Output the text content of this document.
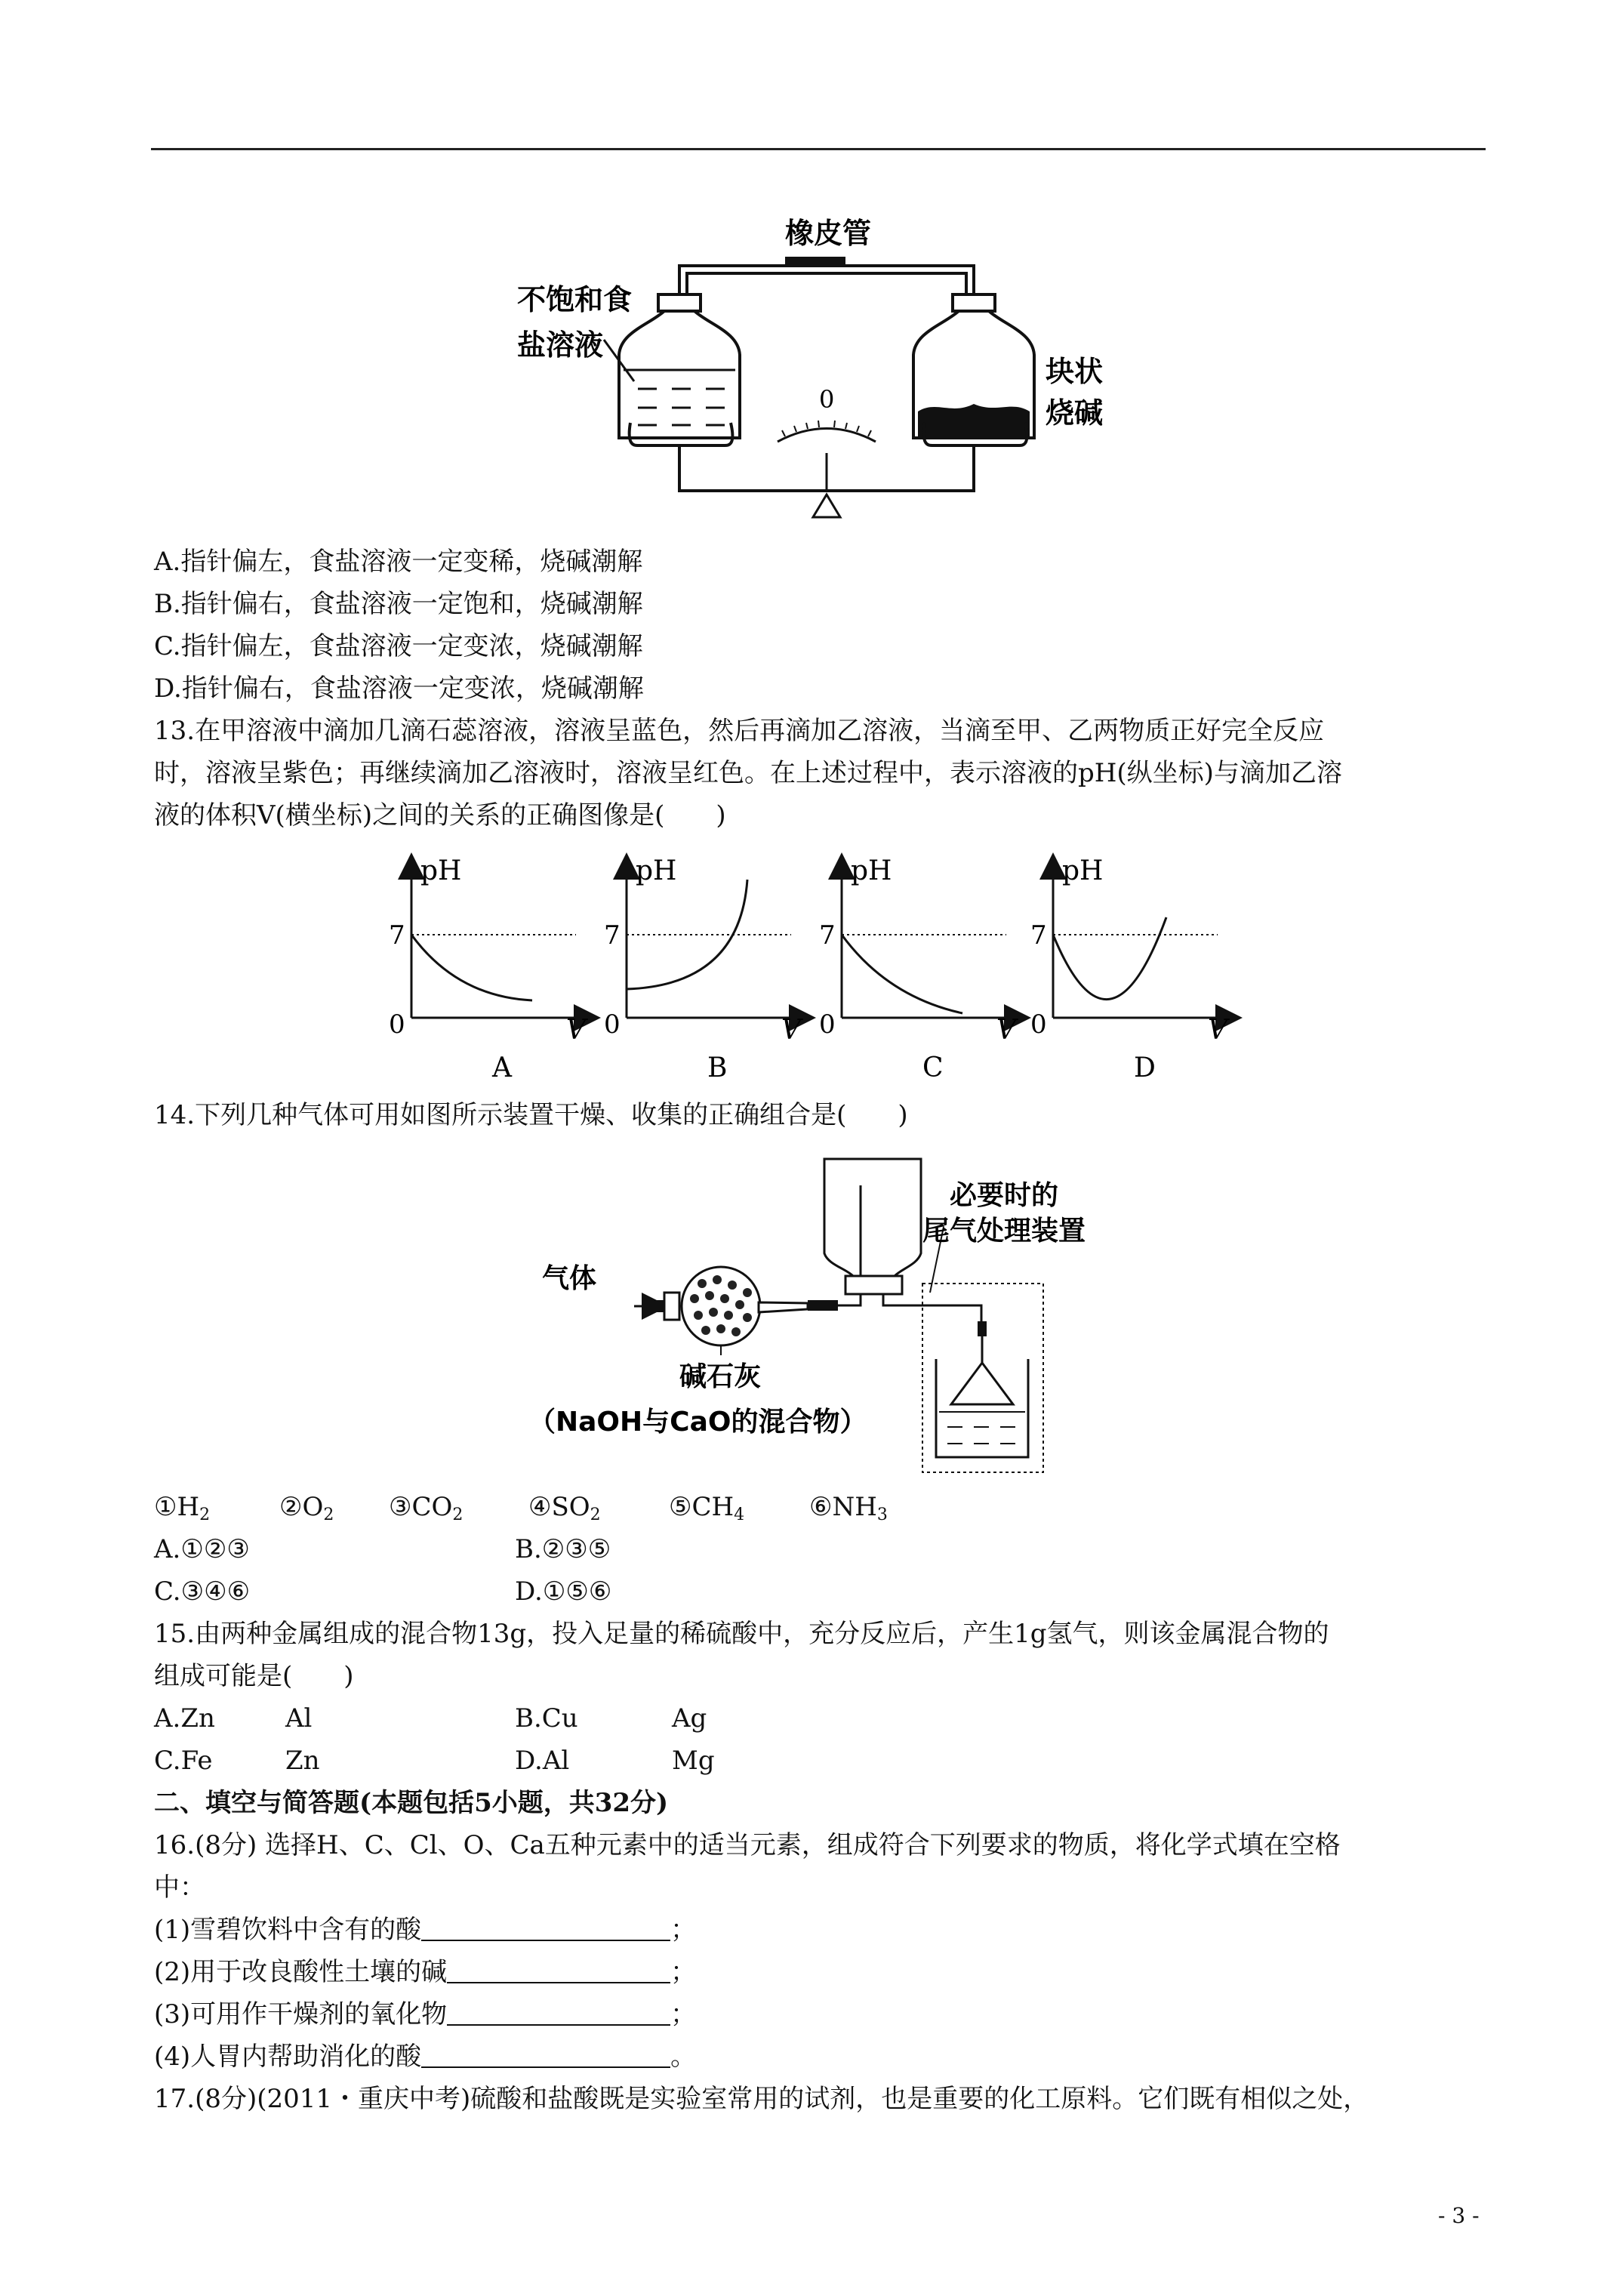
橡皮管
不饱和食
盐溶液
块状
烧碱
0
A.指针偏左，食盐溶液一定变稀，烧碱潮解
B.指针偏右，食盐溶液一定饱和，烧碱潮解
C.指针偏左，食盐溶液一定变浓，烧碱潮解
D.指针偏右，食盐溶液一定变浓，烧碱潮解
13.在甲溶液中滴加几滴石蕊溶液，溶液呈蓝色，然后再滴加乙溶液，当滴至甲、乙两物质正好完全反应
时，溶液呈紫色；再继续滴加乙溶液时，溶液呈红色。在上述过程中，表示溶液的pH(纵坐标)与滴加乙溶
液的体积V(横坐标)之间的关系的正确图像是(　　)
pH
7
0	V
A
pH
7
0	V
B
pH
7
0	V
C
pH
7
0	V
D
14.下列几种气体可用如图所示装置干燥、收集的正确组合是(　　)
气体
必要时的
尾气处理装置
碱石灰
（NaOH与CaO的混合物）
$①H_2$	$②O_2$ $③CO_2$	$④SO_2$	$⑤CH_4$	$⑥NH_3$
A.①②③	B.②③⑤
C.③④⑥	D.①⑤⑥
15.由两种金属组成的混合物13g，投入足量的稀硫酸中，充分反应后，产生1g氢气，则该金属混合物的
组成可能是(　　)
A.Zn	Al	B.Cu	Ag
C.Fe	Zn	D.Al	Mg
二、填空与简答题(本题包括5小题，共32分)
16.(8分) 选择H、C、Cl、O、Ca五种元素中的适当元素，组成符合下列要求的物质，将化学式填在空格
中：
(1)雪碧饮料中含有的酸	；
(2)用于改良酸性土壤的碱	；
(3)可用作干燥剂的氧化物	；
(4)人胃内帮助消化的酸	。
17.(8分)(2011・重庆中考)硫酸和盐酸既是实验室常用的试剂，也是重要的化工原料。它们既有相似之处，
- 3 -
